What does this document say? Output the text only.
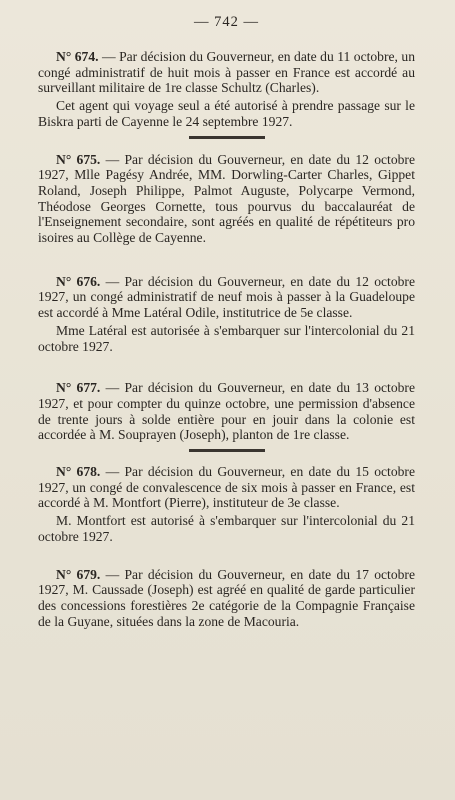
— 742 —

N° 674. — Par décision du Gouverneur, en date du 11 octobre, un congé administratif de huit mois à passer en France est accordé au surveillant militaire de 1re classe Schultz (Charles).

Cet agent qui voyage seul a été autorisé à prendre passage sur le Biskra parti de Cayenne le 24 septembre 1927.

N° 675. — Par décision du Gouverneur, en date du 12 octobre 1927, Mlle Pagésy Andrée, MM. Dorwling-Carter Charles, Gippet Roland, Joseph Philippe, Palmot Auguste, Polycarpe Vermond, Théodose Georges Cornette, tous pourvus du baccalauréat de l'Enseignement secondaire, sont agréés en qualité de répétiteurs pro isoires au Collège de Cayenne.

N° 676. — Par décision du Gouverneur, en date du 12 octobre 1927, un congé administratif de neuf mois à passer à la Guadeloupe est accordé à Mme Latéral Odile, institutrice de 5e classe.

Mme Latéral est autorisée à s'embarquer sur l'intercolonial du 21 octobre 1927.

N° 677. — Par décision du Gouverneur, en date du 13 octobre 1927, et pour compter du quinze octobre, une permission d'absence de trente jours à solde entière pour en jouir dans la colonie est accordée à M. Souprayen (Joseph), planton de 1re classe.

N° 678. — Par décision du Gouverneur, en date du 15 octobre 1927, un congé de convalescence de six mois à passer en France, est accordé à M. Montfort (Pierre), instituteur de 3e classe.

M. Montfort est autorisé à s'embarquer sur l'intercolonial du 21 octobre 1927.

N° 679. — Par décision du Gouverneur, en date du 17 octobre 1927, M. Caussade (Joseph) est agréé en qualité de garde particulier des concessions forestières 2e catégorie de la Compagnie Française de la Guyane, situées dans la zone de Macouria.
